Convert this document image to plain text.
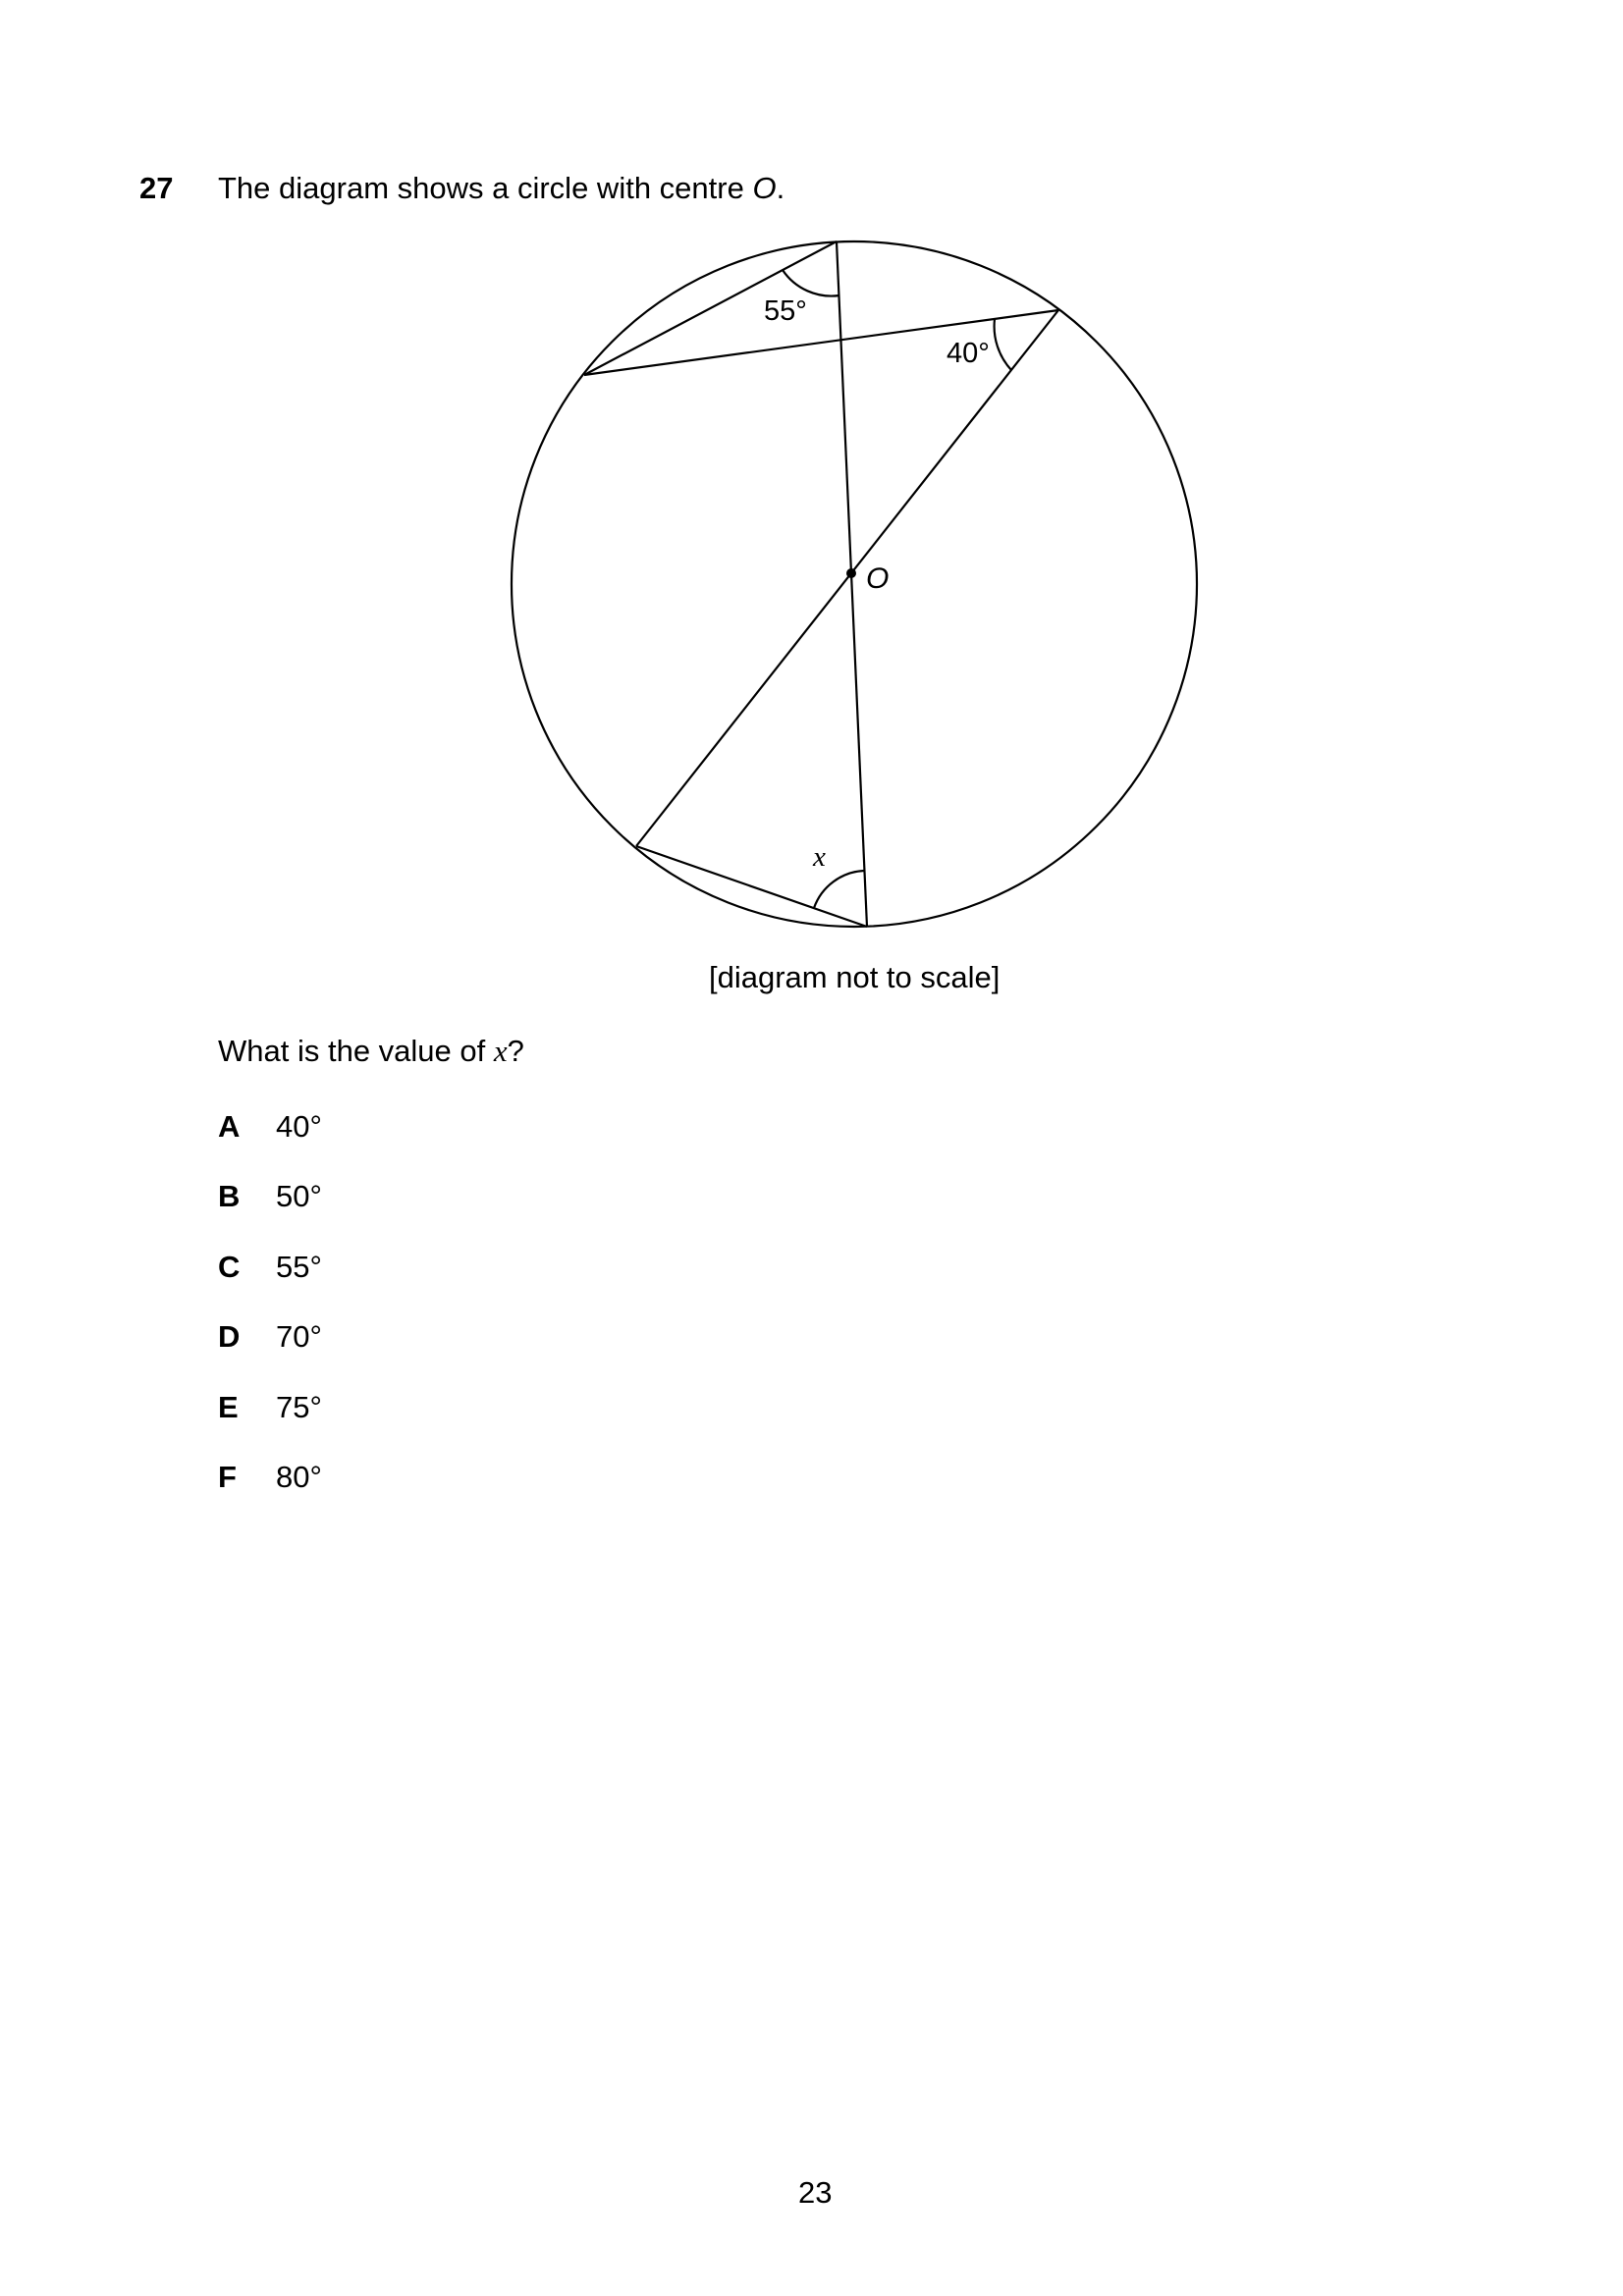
27 The diagram shows a circle with centre O.
O
55°
40°
x
[diagram not to scale]
What is the value of x?
A 40°
B 50°
C 55°
D 70°
E 75°
F 80°
23
